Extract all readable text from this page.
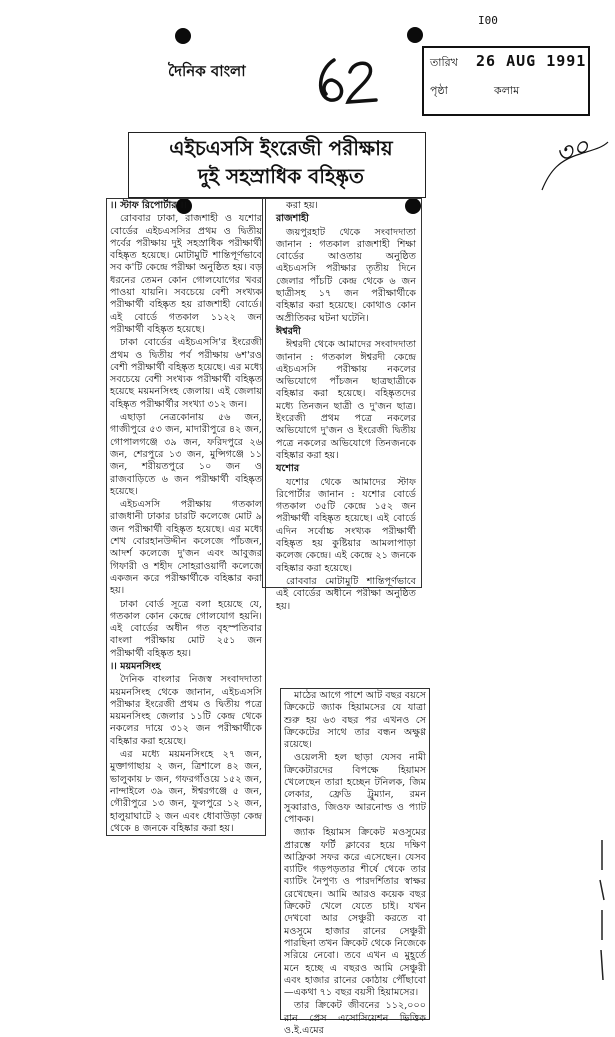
দৈনিক বাংলা
I00
তারিখ 26 AUG 1991
পৃষ্ঠা	কলাম
৩০
এইচএসসি ইংরেজী পরীক্ষায়
দুই সহস্রাধিক বহিষ্কৃত

।। স্টাফ রিপোর্টার ।।

রোববার ঢাকা, রাজশাহী ও যশোর বোর্ডের এইচএসসির প্রথম ও দ্বিতীয় পর্বের পরীক্ষায় দুই সহস্রাধিক পরীক্ষার্থী বহিষ্কৃত হয়েছে। মোটামুটি শান্তিপূর্ণভাবে সব ক'টি কেন্দ্রে পরীক্ষা অনুষ্ঠিত হয়। বড় ধরনের তেমন কোন গোলযোগের খবর পাওয়া যায়নি। সবচেয়ে বেশী সংখ্যক পরীক্ষার্থী বহিষ্কৃত হয় রাজশাহী বোর্ডে। এই বোর্ডে গতকাল ১১২২ জন পরীক্ষার্থী বহিষ্কৃত হয়েছে।

ঢাকা বোর্ডের এইচএসসি'র ইংরেজী প্রথম ও দ্বিতীয় পর্ব পরীক্ষায় ৬শ'রও বেশী পরীক্ষার্থী বহিষ্কৃত হয়েছে। এর মধ্যে সবচেয়ে বেশী সংখ্যক পরীক্ষার্থী বহিষ্কৃত হয়েছে ময়মনসিংহ জেলায়। এই জেলায় বহিষ্কৃত পরীক্ষার্থীর সংখ্যা ৩১২ জন।

এছাড়া নেত্রকোনায় ৫৬ জন, গাজীপুরে ৫৩ জন, মাদারীপুরে ৪২ জন, গোপালগঞ্জে ৩৯ জন, ফরিদপুরে ২৬ জন, শেরপুরে ১৩ জন, মুন্সিগঞ্জে ১১ জন, শরীয়তপুরে ১০ জন ও রাজবাড়িতে ৬ জন পরীক্ষার্থী বহিষ্কৃত হয়েছে।

এইচএসসি পরীক্ষায় গতকাল রাজধানী ঢাকার চারটি কলেজে মোট ৯ জন পরীক্ষার্থী বহিষ্কৃত হয়েছে। এর মধ্যে শেখ বোরহানউদ্দীন কলেজে পাঁচজন, আদর্শ কলেজে দু'জন এবং আবুজর গিফারী ও শহীদ সোহরাওয়ার্দী কলেজে একজন করে পরীক্ষার্থীকে বহিষ্কার করা হয়।

ঢাকা বোর্ড সূত্রে বলা হয়েছে যে, গতকাল কোন কেন্দ্রে গোলযোগ হয়নি। এই বোর্ডের অধীন গত বৃহস্পতিবার বাংলা পরীক্ষায় মোট ২৫১ জন পরীক্ষার্থী বহিষ্কৃত হয়।

।। ময়মনসিংহ

দৈনিক বাংলার নিজস্ব সংবাদদাতা ময়মনসিংহ থেকে জানান, এইচএসসি পরীক্ষার ইংরেজী প্রথম ও দ্বিতীয় পত্রে ময়মনসিংহ জেলার ১১টি কেন্দ্র থেকে নকলের দায়ে ৩১২ জন পরীক্ষার্থীকে বহিষ্কার করা হয়েছে।

এর মধ্যে ময়মনসিংহে ২৭ জন, মুক্তাগাছায় ২ জন, ত্রিশালে ৪২ জন, ভালুকায় ৮ জন, গফরগাঁওয়ে ১৫২ জন, নান্দাইলে ৩৯ জন, ঈশ্বরগঞ্জে ৫ জন, গৌরীপুরে ১৩ জন, ফুলপুরে ১২ জন, হালুয়াঘাটে ২ জন এবং ধোবাউড়া কেন্দ্র থেকে ৪ জনকে বহিষ্কার করা হয়।

করা হয়।

রাজশাহী

জয়পুরহাট থেকে সংবাদদাতা জানান : গতকাল রাজশাহী শিক্ষা বোর্ডের আওতায় অনুষ্ঠিত এইচএসসি পরীক্ষার তৃতীয় দিনে জেলার পাঁচটি কেন্দ্র থেকে ৬ জন ছাত্রীসহ ১৭ জন পরীক্ষার্থীকে বহিষ্কার করা হয়েছে। কোথাও কোন অপ্রীতিকর ঘটনা ঘটেনি।

ঈশ্বরদী

ঈশ্বরদী থেকে আমাদের সংবাদদাতা জানান : গতকাল ঈশ্বরদী কেন্দ্রে এইচএসসি পরীক্ষায় নকলের অভিযোগে পাঁচজন ছাত্রছাত্রীকে বহিষ্কার করা হয়েছে। বহিষ্কৃতদের মধ্যে তিনজন ছাত্রী ও দু'জন ছাত্র। ইংরেজী প্রথম পত্রে নকলের অভিযোগে দু'জন ও ইংরেজী দ্বিতীয় পত্রে নকলের অভিযোগে তিনজনকে বহিষ্কার করা হয়।

যশোর

যশোর থেকে আমাদের স্টাফ রিপোর্টার জানান : যশোর বোর্ডে গতকাল ৩৫টি কেন্দ্রে ১৫২ জন পরীক্ষার্থী বহিষ্কৃত হয়েছে। এই বোর্ডে এদিন সর্বোচ্চ সংখ্যক পরীক্ষার্থী বহিষ্কৃত হয় কুষ্টিয়ার আমলাপাড়া কলেজ কেন্দ্রে। এই কেন্দ্রে ২১ জনকে বহিষ্কার করা হয়েছে।

রোববার মোটামুটি শান্তিপূর্ণভাবে এই বোর্ডের অধীনে পরীক্ষা অনুষ্ঠিত হয়।

মাঠের আগে পাশে আট বছর বয়সে ক্রিকেটে জ্যাক হিয়ামসের যে যাত্রা শুরু হয় ৬৩ বছর পর এখনও সে ক্রিকেটের সাথে তার বন্ধন অক্ষুণ্ণ রয়েছে।

ওয়েলসী হল ছাড়া যেসব নামী ক্রিকেটারদের বিপক্ষে হিয়ামস খেলেছেন তারা হচ্ছেন টনিলক, জিম লেকার, ফ্রেডি ট্রুম্যান, রমন সুব্বারাও, জিওফ আরনোল্ড ও প্যাট পোকক।

জ্যাক হিয়ামস ক্রিকেট মওসুমের প্রারম্ভে ফর্টি ক্লাবের হয়ে দক্ষিণ আফ্রিকা সফর করে এসেছেন। যেসব ব্যাটিং গড়পড়তার শীর্ষে থেকে তার ব্যাটিং নৈপুণ্য ও পারদর্শিতার স্বাক্ষর রেখেছেন। আমি আরও কয়েক বছর ক্রিকেট খেলে যেতে চাই। যখন দেখবো আর সেঞ্চুরী করতে বা মওসুমে হাজার রানের সেঞ্চুরী পারছিনা তখন ক্রিকেট থেকে নিজেকে সরিয়ে নেবো। তবে এখন এ মুহূর্তে মনে হচ্ছে এ বছরও আমি সেঞ্চুরী এবং হাজার রানের কোঠায় পৌঁছাবো—একথা ৭১ বছর বয়সী হিয়ামসের।

তার ক্রিকেট জীবনের ১১২,০০০ রান প্রেস এসোসিয়েশন ভিত্তিক ও.ই.এমের
